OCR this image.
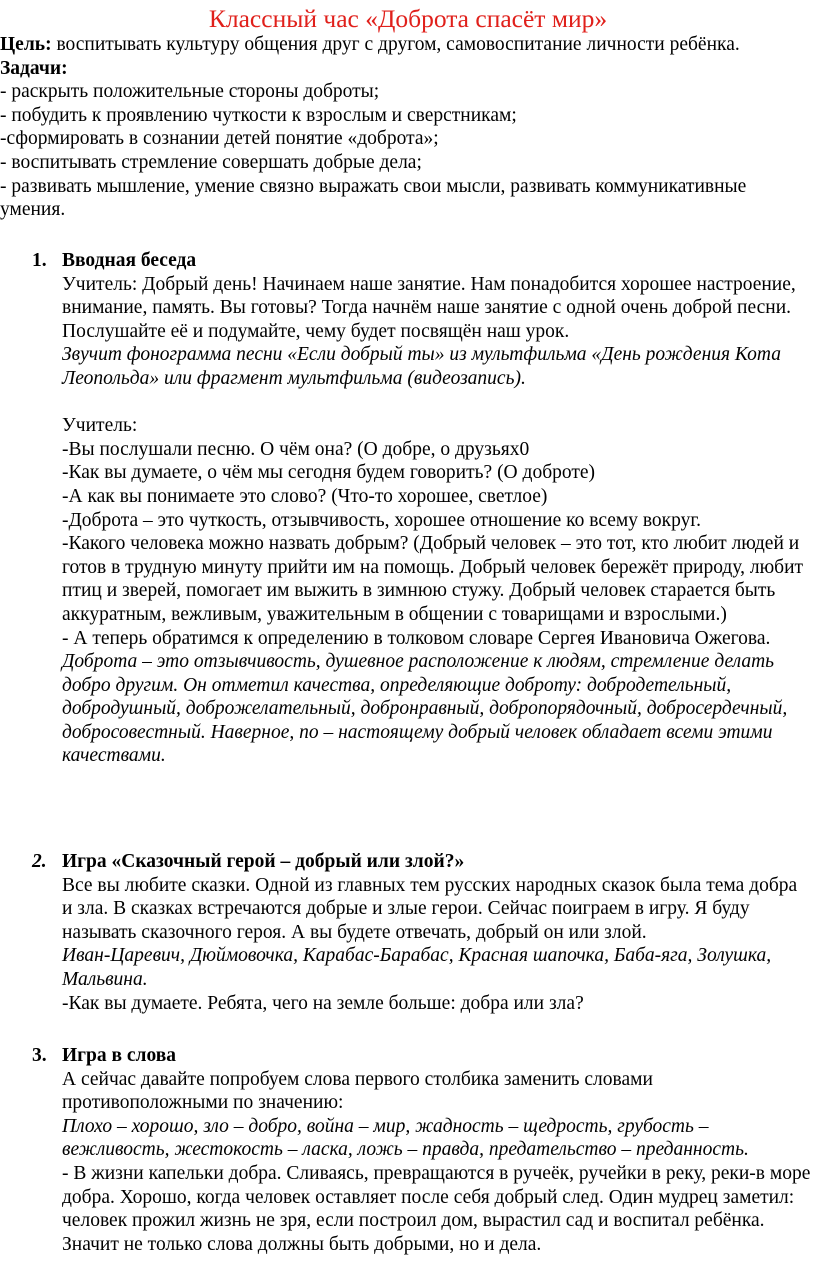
Классный час «Доброта спасёт мир»

Цель: воспитывать культуру общения друг с другом, самовоспитание личности ребёнка.

Задачи:

- раскрыть положительные стороны доброты;

- побудить к проявлению чуткости к взрослым и сверстникам;

-сформировать в сознании детей понятие «доброта»;

- воспитывать стремление совершать добрые дела;

- развивать мышление, умение связно выражать свои мысли, развивать коммуникативные умения.

1. Вводная беседа

Учитель: Добрый день! Начинаем наше занятие. Нам понадобится хорошее настроение, внимание, память. Вы готовы? Тогда начнём наше занятие с одной очень доброй песни. Послушайте её и подумайте, чему будет посвящён наш урок.

Звучит фонограмма песни «Если добрый ты» из мультфильма «День рождения Кота Леопольда» или фрагмент мультфильма (видеозапись).

Учитель:

-Вы послушали песню. О чём она? (О добре, о друзьях0

-Как вы думаете, о чём мы сегодня будем говорить? (О доброте)

-А как вы понимаете это слово? (Что-то хорошее, светлое)

-Доброта – это чуткость, отзывчивость, хорошее отношение ко всему вокруг.

-Какого человека можно назвать добрым? (Добрый человек – это тот, кто любит людей и готов в трудную минуту прийти им на помощь. Добрый человек бережёт природу, любит птиц и зверей, помогает им выжить в зимнюю стужу. Добрый человек старается быть аккуратным, вежливым, уважительным в общении с товарищами и взрослыми.)

- А теперь обратимся к определению в толковом словаре Сергея Ивановича Ожегова.

Доброта – это отзывчивость, душевное расположение к людям, стремление делать добро другим. Он отметил качества, определяющие доброту: добродетельный, добродушный, доброжелательный, добронравный, добропорядочный, добросердечный, добросовестный. Наверное, по – настоящему добрый человек обладает всеми этими качествами.

2. Игра «Сказочный герой – добрый или злой?»

Все вы любите сказки. Одной из главных тем русских народных сказок была тема добра и зла. В сказках встречаются добрые и злые герои. Сейчас поиграем в игру. Я буду называть сказочного героя. А вы будете отвечать, добрый он или злой.

Иван-Царевич, Дюймовочка, Карабас-Барабас, Красная шапочка, Баба-яга, Золушка, Мальвина.

-Как вы думаете. Ребята, чего на земле больше: добра или зла?

3. Игра в слова

А сейчас давайте попробуем слова первого столбика заменить словами противоположными по значению:

Плохо – хорошо, зло – добро, война – мир, жадность – щедрость, грубость – вежливость, жестокость – ласка, ложь – правда, предательство – преданность.

- В жизни капельки добра. Сливаясь, превращаются в ручеёк, ручейки в реку, реки-в море добра. Хорошо, когда человек оставляет после себя добрый след. Один мудрец заметил: человек прожил жизнь не зря, если построил дом, вырастил сад и воспитал ребёнка. Значит не только слова должны быть добрыми, но и дела.
